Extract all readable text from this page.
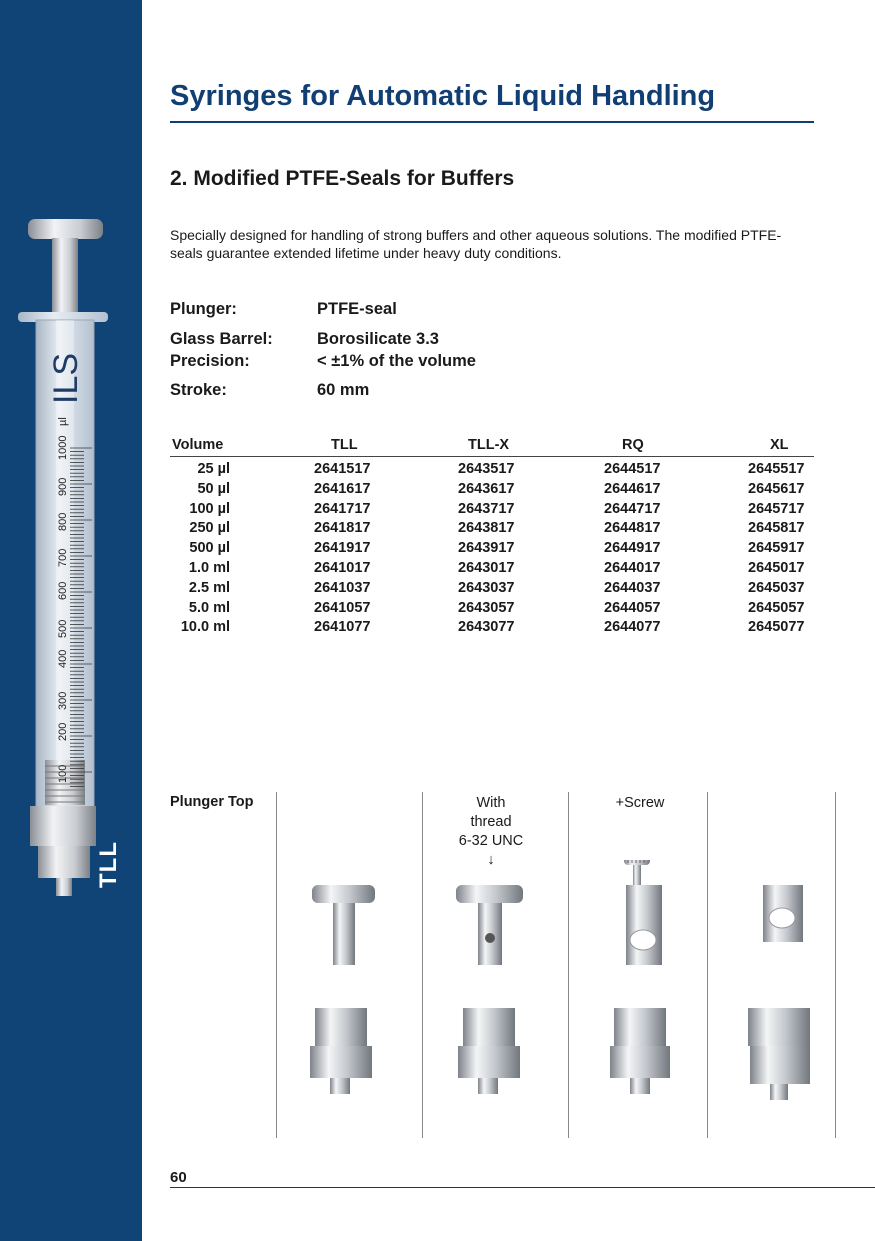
100
200
300
400
500
600
700
800
900
1000
µl
ILS
TLL
Syringes for Automatic Liquid Handling
2. Modified PTFE-Seals for Buffers
Specially designed for handling of strong buffers and other aqueous solutions. The modified PTFE-seals guarantee extended lifetime under heavy duty conditions.
Plunger:	PTFE-seal
Glass Barrel:	Borosilicate 3.3
Precision:	< ±1% of the volume
Stroke:	60 mm
Volume	TLL	TLL-X	RQ	XL
25 µl	2641517	2643517	2644517	2645517
50 µl	2641617	2643617	2644617	2645617
100 µl	2641717	2643717	2644717	2645717
250 µl	2641817	2643817	2644817	2645817
500 µl	2641917	2643917	2644917	2645917
1.0 ml	2641017	2643017	2644017	2645017
2.5 ml	2641037	2643037	2644037	2645037
5.0 ml	2641057	2643057	2644057	2645057
10.0 ml	2641077	2643077	2644077	2645077
Plunger Top	With
thread
6-32 UNC
↓
+Screw
60
